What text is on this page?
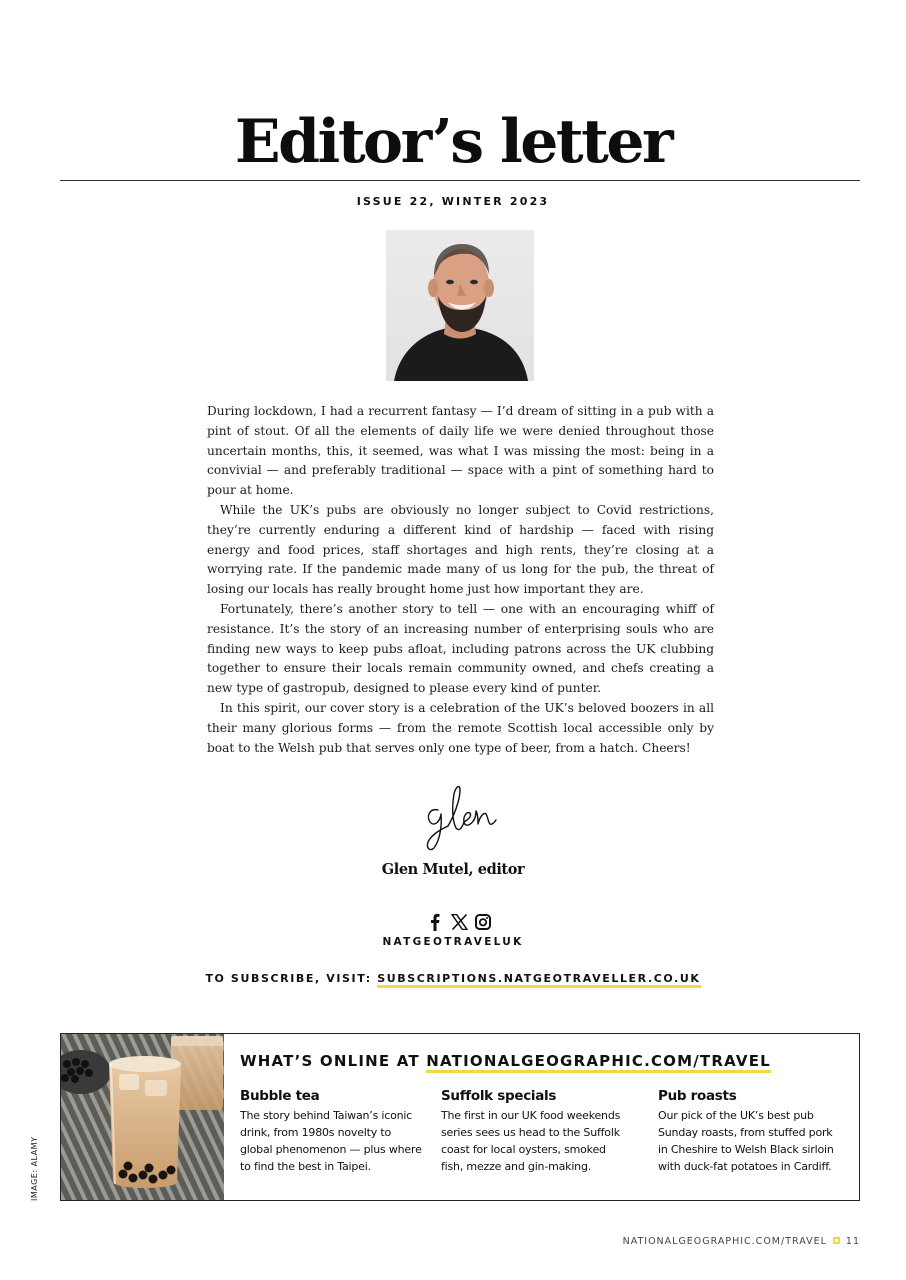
Editor’s letter
ISSUE 22, WINTER 2023

During lockdown, I had a recurrent fantasy — I’d dream of sitting in a pub with a pint of stout. Of all the elements of daily life we were denied throughout those uncertain months, this, it seemed, was what I was missing the most: being in a convivial — and preferably traditional — space with a pint of something hard to pour at home.

While the UK’s pubs are obviously no longer subject to Covid restrictions, they’re currently enduring a different kind of hardship — faced with rising energy and food prices, staff shortages and high rents, they’re closing at a worrying rate. If the pandemic made many of us long for the pub, the threat of losing our locals has really brought home just how important they are.

Fortunately, there’s another story to tell — one with an encouraging whiff of resistance. It’s the story of an increasing number of enterprising souls who are finding new ways to keep pubs afloat, including patrons across the UK clubbing together to ensure their locals remain community owned, and chefs creating a new type of gastropub, designed to please every kind of punter.

In this spirit, our cover story is a celebration of the UK’s beloved boozers in all their many glorious forms — from the remote Scottish local accessible only by boat to the Welsh pub that serves only one type of beer, from a hatch. Cheers!

Glen Mutel, editor
NATGEOTRAVELUK
TO SUBSCRIBE, VISIT: SUBSCRIPTIONS.NATGEOTRAVELLER.CO.UK
WHAT’S ONLINE AT NATIONALGEOGRAPHIC.COM/TRAVEL
Bubble tea

The story behind Taiwan’s iconic drink, from 1980s novelty to global phenomenon — plus where to find the best in Taipei.

Suffolk specials

The first in our UK food weekends series sees us head to the Suffolk coast for local oysters, smoked fish, mezze and gin-making.

Pub roasts

Our pick of the UK’s best pub Sunday roasts, from stuffed pork in Cheshire to Welsh Black sirloin with duck-fat potatoes in Cardiff.

IMAGE: ALAMY
NATIONALGEOGRAPHIC.COM/TRAVEL 11
